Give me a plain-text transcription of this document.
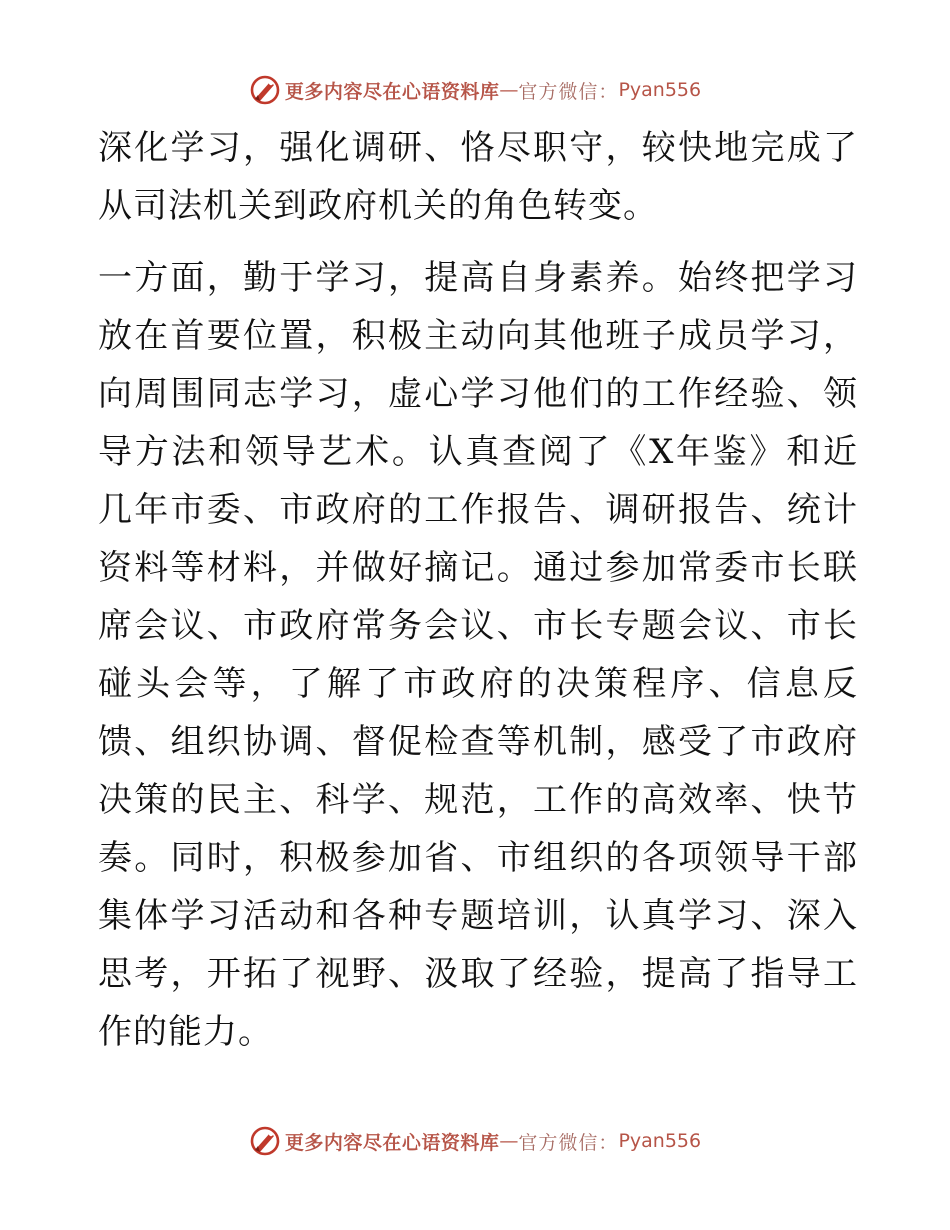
更多内容尽在心语资料库 — 官方微信： Pyan556

深化学习，强化调研、恪尽职守，较快地完成了从司法机关到政府机关的角色转变。

一方面，勤于学习，提高自身素养。始终把学习放在首要位置，积极主动向其他班子成员学习，向周围同志学习，虚心学习他们的工作经验、领导方法和领导艺术。认真查阅了《X年鉴》和近几年市委、市政府的工作报告、调研报告、统计资料等材料，并做好摘记。通过参加常委市长联席会议、市政府常务会议、市长专题会议、市长碰头会等，了解了市政府的决策程序、信息反馈、组织协调、督促检查等机制，感受了市政府决策的民主、科学、规范，工作的高效率、快节奏。同时，积极参加省、市组织的各项领导干部集体学习活动和各种专题培训，认真学习、深入思考，开拓了视野、汲取了经验，提高了指导工作的能力。

更多内容尽在心语资料库 — 官方微信： Pyan556
